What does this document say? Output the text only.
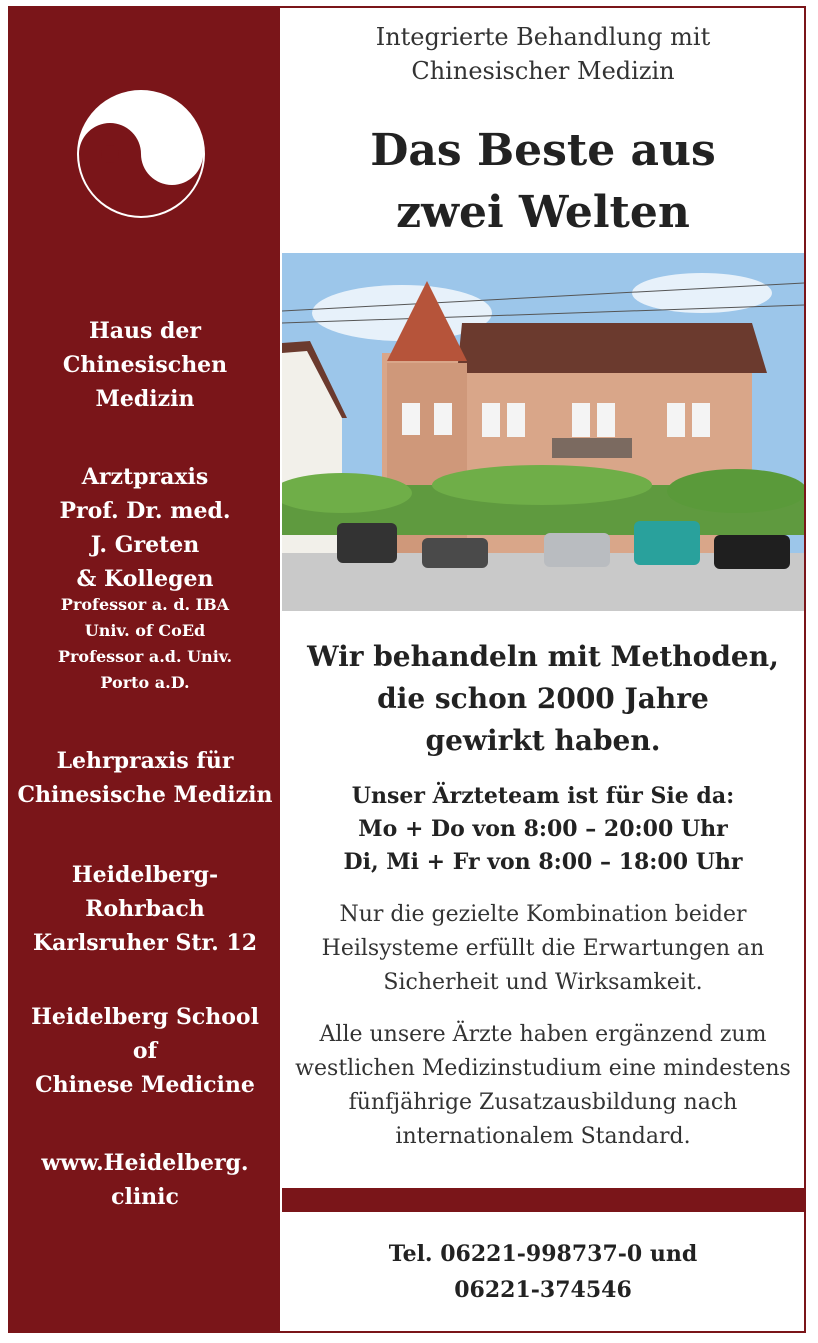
Haus der
Chinesischen
Medizin
Arztpraxis
Prof. Dr. med.
J. Greten
& Kollegen
Professor a. d. IBA
Univ. of CoEd
Professor a.d. Univ.
Porto a.D.
Lehrpraxis für
Chinesische Medizin
Heidelberg-
Rohrbach
Karlsruher Str. 12
Heidelberg School
of
Chinese Medicine
www.Heidelberg.
clinic
Integrierte Behandlung mit
Chinesischer Medizin
Das Beste aus
zwei Welten
Wir behandeln mit Methoden,
die schon 2000 Jahre
gewirkt haben.
Unser Ärzteteam ist für Sie da:
Mo + Do von 8:00 – 20:00 Uhr
Di, Mi + Fr von 8:00 – 18:00 Uhr
Nur die gezielte Kombination beider
Heilsysteme erfüllt die Erwartungen an
Sicherheit und Wirksamkeit.
Alle unsere Ärzte haben ergänzend zum
westlichen Medizinstudium eine mindestens
fünfjährige Zusatzausbildung nach
internationalem Standard.
Tel. 06221-998737-0 und
06221-374546
